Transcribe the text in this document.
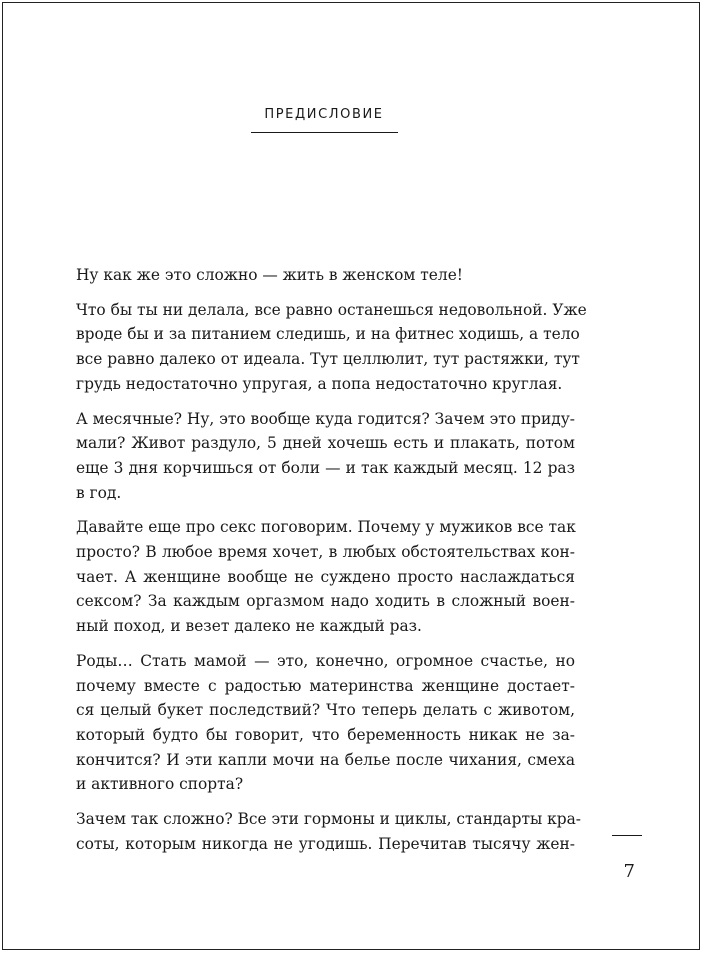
ПРЕДИСЛОВИЕ

Ну как же это сложно — жить в женском теле!

Что бы ты ни делала, все равно останешься недовольной. Уже
вроде бы и за питанием следишь, и на фитнес ходишь, а тело
все равно далеко от идеала. Тут целлюлит, тут растяжки, тут
грудь недостаточно упругая, а попа недостаточно круглая.

А месячные? Ну, это вообще куда годится? Зачем это приду-
мали? Живот раздуло, 5 дней хочешь есть и плакать, потом
еще 3 дня корчишься от боли — и так каждый месяц. 12 раз
в год.

Давайте еще про секс поговорим. Почему у мужиков все так
просто? В любое время хочет, в любых обстоятельствах кон-
чает. А женщине вообще не суждено просто наслаждаться
сексом? За каждым оргазмом надо ходить в сложный воен-
ный поход, и везет далеко не каждый раз.

Роды… Стать мамой — это, конечно, огромное счастье, но
почему вместе с радостью материнства женщине достает-
ся целый букет последствий? Что теперь делать с животом,
который будто бы говорит, что беременность никак не за-
кончится? И эти капли мочи на белье после чихания, смеха
и активного спорта?

Зачем так сложно? Все эти гормоны и циклы, стандарты кра-
соты, которым никогда не угодишь. Перечитав тысячу жен-

7
